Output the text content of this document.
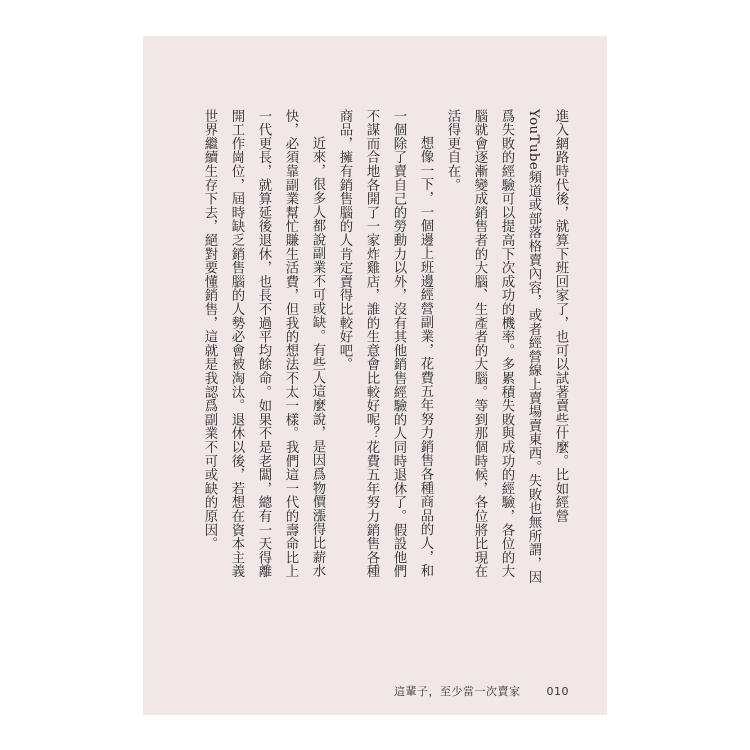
進入網路時代後，就算下班回家了，也可以試著賣些什麼。比如經營
YouTube頻道或部落格賣內容，或者經營線上賣場賣東西。失敗也無所謂，因
爲失敗的經驗可以提高下次成功的機率。多累積失敗與成功的經驗，各位的大
腦就會逐漸變成銷售者的大腦、生產者的大腦。等到那個時候，各位將比現在
活得更自在。

想像一下，一個邊上班邊經營副業，花費五年努力銷售各種商品的人，和
一個除了賣自己的勞動力以外，沒有其他銷售經驗的人同時退休了。假設他們
不謀而合地各開了一家炸雞店，誰的生意會比較好呢？花費五年努力銷售各種
商品，擁有銷售腦的人肯定賣得比較好吧。

近來，很多人都說副業不可或缺。有些人這麼說，是因爲物價漲得比薪水
快，必須靠副業幫忙賺生活費，但我的想法不太一樣。我們這一代的壽命比上
一代更長，就算延後退休，也長不過平均餘命。如果不是老闆，總有一天得離
開工作崗位，屆時缺乏銷售腦的人勢必會被淘汰。退休以後，若想在資本主義
世界繼續生存下去，絕對要懂銷售，這就是我認爲副業不可或缺的原因。

這輩子，至少當一次賣家 010
